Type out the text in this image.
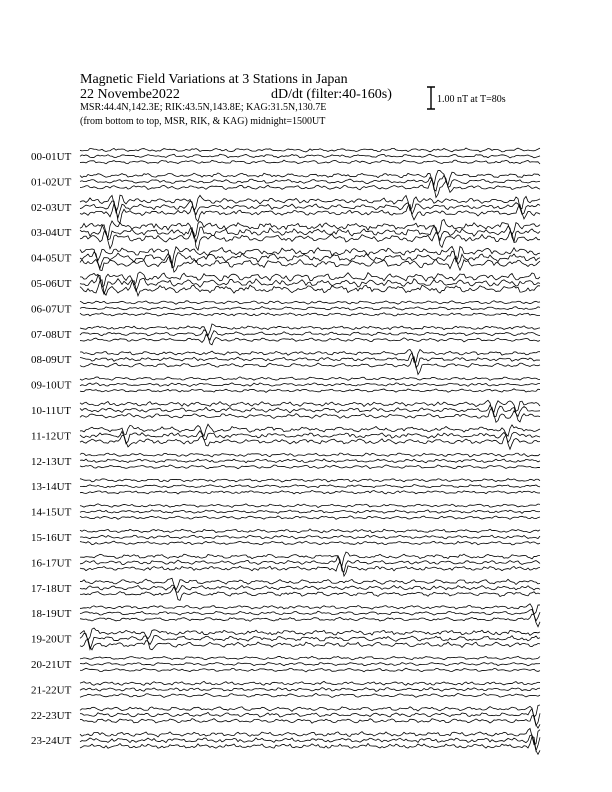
Magnetic Field Variations at 3 Stations in Japan
22 Novembe2022	dD/dt (filter:40-160s)
MSR:44.4N,142.3E; RIK:43.5N,143.8E; KAG:31.5N,130.7E
(from bottom to top, MSR, RIK, & KAG) midnight=1500UT
1.00 nT at T=80s
00-01UT
01-02UT
02-03UT
03-04UT
04-05UT
05-06UT
06-07UT
07-08UT
08-09UT
09-10UT
10-11UT
11-12UT
12-13UT
13-14UT
14-15UT
15-16UT
16-17UT
17-18UT
18-19UT
19-20UT
20-21UT
21-22UT
22-23UT
23-24UT
